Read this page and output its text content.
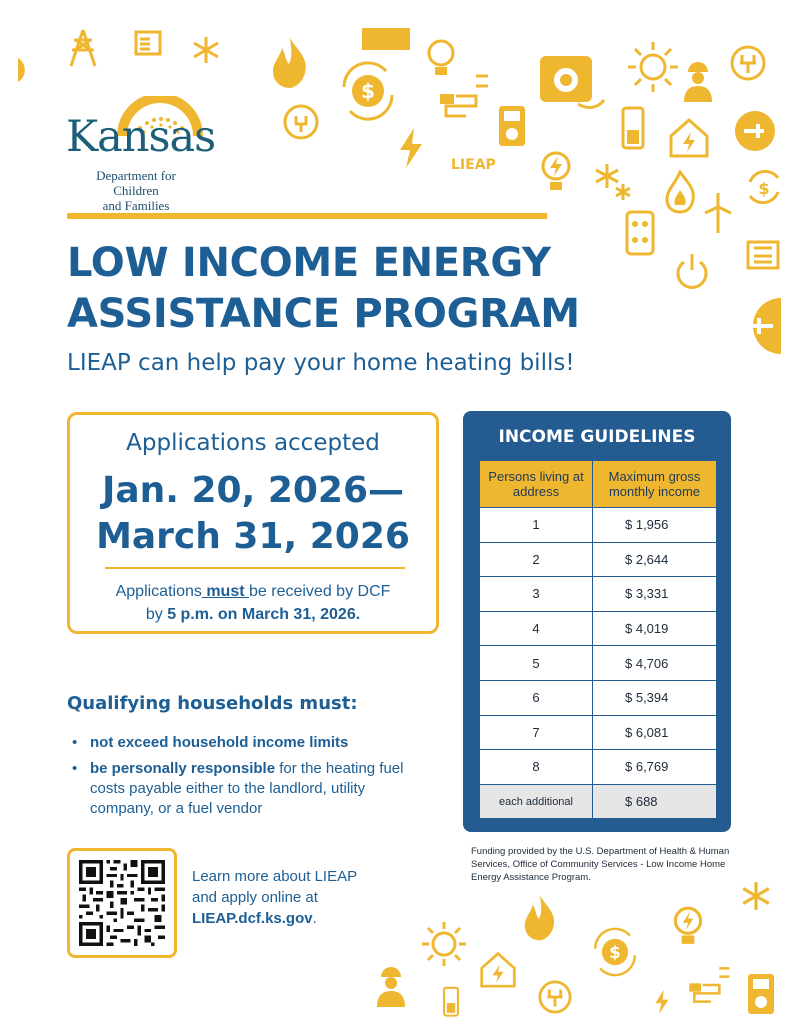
Kansas
Department for Children
and Families
$
LIEAP
$
LOW INCOME ENERGY
ASSISTANCE PROGRAM
LIEAP can help pay your home heating bills!
Applications accepted
Jan. 20, 2026—
March 31, 2026
Applications must be received by DCF
by 5 p.m. on March 31, 2026.
INCOME GUIDELINES
Persons living at address	Maximum gross monthly income
1	$ 1,956
2	$ 2,644
3	$ 3,331
4	$ 4,019
5	$ 4,706
6	$ 5,394
7	$ 6,081
8	$ 6,769
each additional	$ 688
Funding provided by the U.S. Department of Health & Human Services, Office of Community Services - Low Income Home Energy Assistance Program.
Qualifying households must:
• not exceed household income limits
• be personally responsible for the heating fuel costs payable either to the landlord, utility company, or a fuel vendor
Learn more about LIEAP
and apply online at
LIEAP.dcf.ks.gov.
$
